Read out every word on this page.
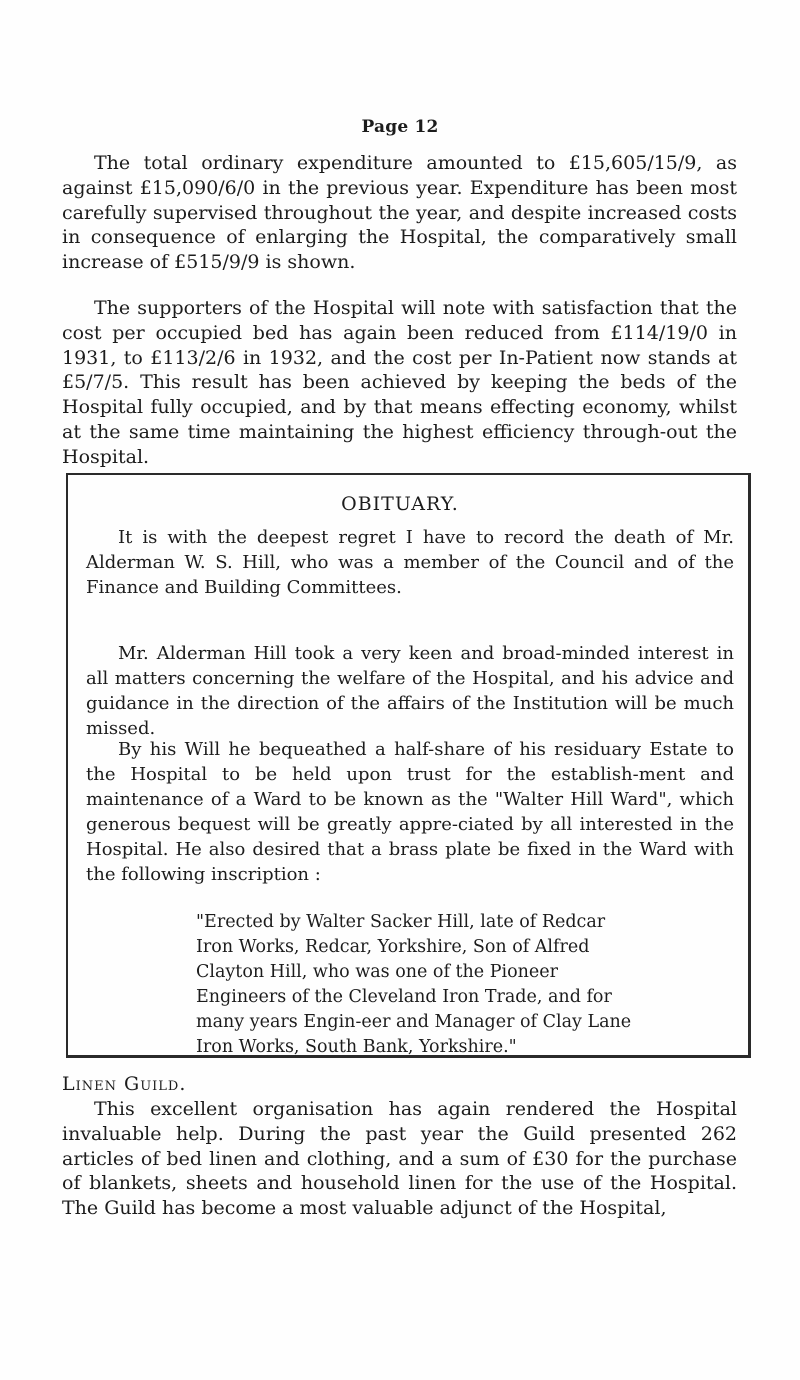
Page 12

The total ordinary expenditure amounted to £15,605/15/9, as against £15,090/6/0 in the previous year. Expenditure has been most carefully supervised throughout the year, and despite increased costs in consequence of enlarging the Hospital, the comparatively small increase of £515/9/9 is shown.

The supporters of the Hospital will note with satisfaction that the cost per occupied bed has again been reduced from £114/19/0 in 1931, to £113/2/6 in 1932, and the cost per In-Patient now stands at £5/7/5. This result has been achieved by keeping the beds of the Hospital fully occupied, and by that means effecting economy, whilst at the same time maintaining the highest efficiency through-out the Hospital.

OBITUARY.

It is with the deepest regret I have to record the death of Mr. Alderman W. S. Hill, who was a member of the Council and of the Finance and Building Committees.

Mr. Alderman Hill took a very keen and broad-minded interest in all matters concerning the welfare of the Hospital, and his advice and guidance in the direction of the affairs of the Institution will be much missed.

By his Will he bequeathed a half-share of his residuary Estate to the Hospital to be held upon trust for the establish-ment and maintenance of a Ward to be known as the "Walter Hill Ward", which generous bequest will be greatly appre-ciated by all interested in the Hospital. He also desired that a brass plate be fixed in the Ward with the following inscription :

"Erected by Walter Sacker Hill, late of Redcar Iron Works, Redcar, Yorkshire, Son of Alfred Clayton Hill, who was one of the Pioneer Engineers of the Cleveland Iron Trade, and for many years Engin-eer and Manager of Clay Lane Iron Works, South Bank, Yorkshire."

Linen Guild.

This excellent organisation has again rendered the Hospital invaluable help. During the past year the Guild presented 262 articles of bed linen and clothing, and a sum of £30 for the purchase of blankets, sheets and household linen for the use of the Hospital. The Guild has become a most valuable adjunct of the Hospital,
